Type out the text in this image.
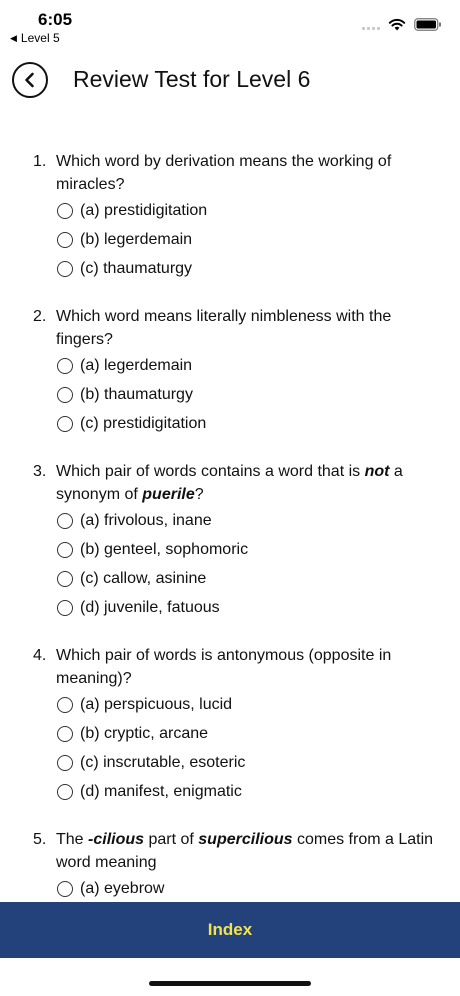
6:05
◀ Level 5
Review Test for Level 6
1. Which word by derivation means the working of miracles?
(a) prestidigitation
(b) legerdemain
(c) thaumaturgy
2. Which word means literally nimbleness with the fingers?
(a) legerdemain
(b) thaumaturgy
(c) prestidigitation
3. Which pair of words contains a word that is not a synonym of puerile?
(a) frivolous, inane
(b) genteel, sophomoric
(c) callow, asinine
(d) juvenile, fatuous
4. Which pair of words is antonymous (opposite in meaning)?
(a) perspicuous, lucid
(b) cryptic, arcane
(c) inscrutable, esoteric
(d) manifest, enigmatic
5. The -cilious part of supercilious comes from a Latin word meaning
(a) eyebrow
Index
